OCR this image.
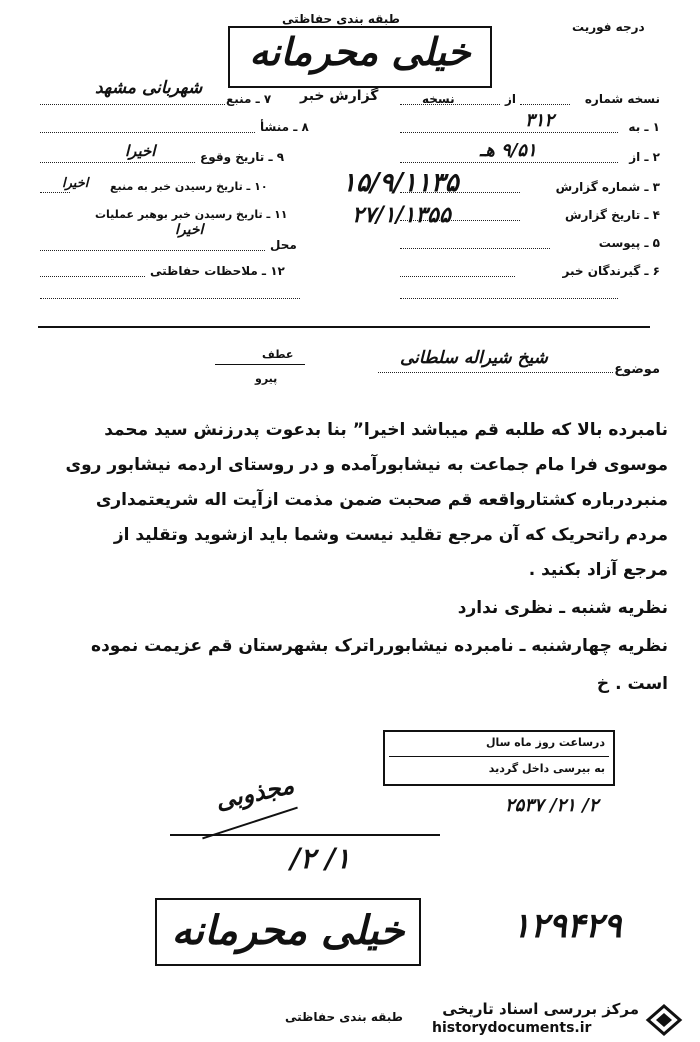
طبقه بندی حفاظتی
درجه فوریت
خیلی محرمانه
گزارش خبر	نسخه شماره
از
نسخه
۱ ـ به
۳۱۲
۲ ـ از
۹/۵۱ هـ
۳ ـ شماره گزارش
۱۵/۹/۱۱۳۵
۴ ـ تاریخ گزارش
۲۷/۱/۱۳۵۵
۵ ـ پیوست
۶ ـ گیرندگان خبر
۷ ـ منبع
شهربانی مشهد
۸ ـ منشأ
۹ ـ تاریخ وقوع
اخیرا
۱۰ ـ تاریخ رسیدن خبر به منبع
اخیرا
۱۱ ـ تاریخ رسیدن خبر بوهبر عملیات
اخیرا
محل
۱۲ ـ ملاحظات حفاظتی
موضوع
شیخ شیراله سلطانی
عطف
پیرو
نامبرده بالا که طلبه قم میباشد اخیرا” بنا بدعوت پدرزنش سید محمد
موسوی فرا مام جماعت به نیشابورآمده و در روستای اردمه نیشابور روی
منبردرباره کشتارواقعه قم صحبت ضمن مذمت ازآیت اله شریعتمداری
مردم راتحریک که آن مرجع تقلید نیست وشما باید ازشوید وتقلید از
مرجع آزاد بکنید .
نظریه شنبه ـ نظری ندارد
نظریه چهارشنبه ـ نامبرده نیشابورراترک بشهرستان قم عزیمت نموده
است . خ
درساعت روز ماه سال
به بیرسی داخل گردید
مجذوبی	۲/ ۲۱/ ۲۵۳۷
۱/ ۲/
خیلی محرمانه	۱۲۹۴۲۹
طبقه بندی حفاظتی	مرکز بررسی اسناد تاریخی
historydocuments.ir
